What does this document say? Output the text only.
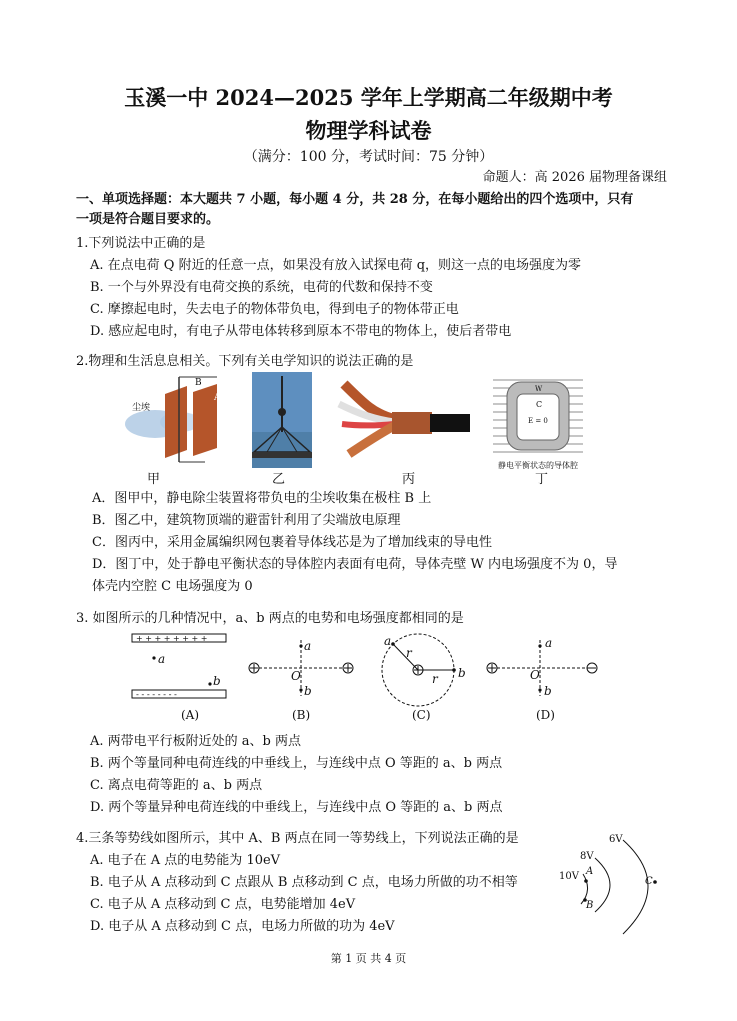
玉溪一中 2024—2025 学年上学期高二年级期中考
物理学科试卷
（满分：100 分，考试时间：75 分钟）
命题人：高 2026 届物理备课组
一、单项选择题：本大题共 7 小题，每小题 4 分，共 28 分，在每小题给出的四个选项中，只有
一项是符合题目要求的。
1.下列说法中正确的是
A. 在点电荷 Q 附近的任意一点，如果没有放入试探电荷 q，则这一点的电场强度为零
B. 一个与外界没有电荷交换的系统，电荷的代数和保持不变
C. 摩擦起电时，失去电子的物体带负电，得到电子的物体带正电
D. 感应起电时，有电子从带电体转移到原本不带电的物体上，使后者带电
2.物理和生活息息相关。下列有关电学知识的说法正确的是
尘埃
B
A
W
C
E = 0
静电平衡状态的导体腔
甲	乙	丙	丁
A．图甲中，静电除尘装置将带负电的尘埃收集在极柱 B 上
B．图乙中，建筑物顶端的避雷针利用了尖端放电原理
C．图丙中，采用金属编织网包裹着导体线芯是为了增加线束的导电性
D．图丁中，处于静电平衡状态的导体腔内表面有电荷，导体壳壁 W 内电场强度不为 0，导
体壳内空腔 C 电场强度为 0
3. 如图所示的几种情况中，a、b 两点的电势和电场强度都相同的是
+ + + + + + + +
- - - - - - - -
a
b
a
O
b
a
r
r b
a
O
b
(A)	(B)	(C)	(D)
A. 两带电平行板附近处的 a、b 两点
B. 两个等量同种电荷连线的中垂线上，与连线中点 O 等距的 a、b 两点
C. 离点电荷等距的 a、b 两点
D. 两个等量异种电荷连线的中垂线上，与连线中点 O 等距的 a、b 两点
4.三条等势线如图所示，其中 A、B 两点在同一等势线上，下列说法正确的是
A. 电子在 A 点的电势能为 10eV
B. 电子从 A 点移动到 C 点跟从 B 点移动到 C 点，电场力所做的功不相等
C. 电子从 A 点移动到 C 点，电势能增加 4eV
D. 电子从 A 点移动到 C 点，电场力所做的功为 4eV
6V
8V
10V A
B
C
第 1 页 共 4 页
